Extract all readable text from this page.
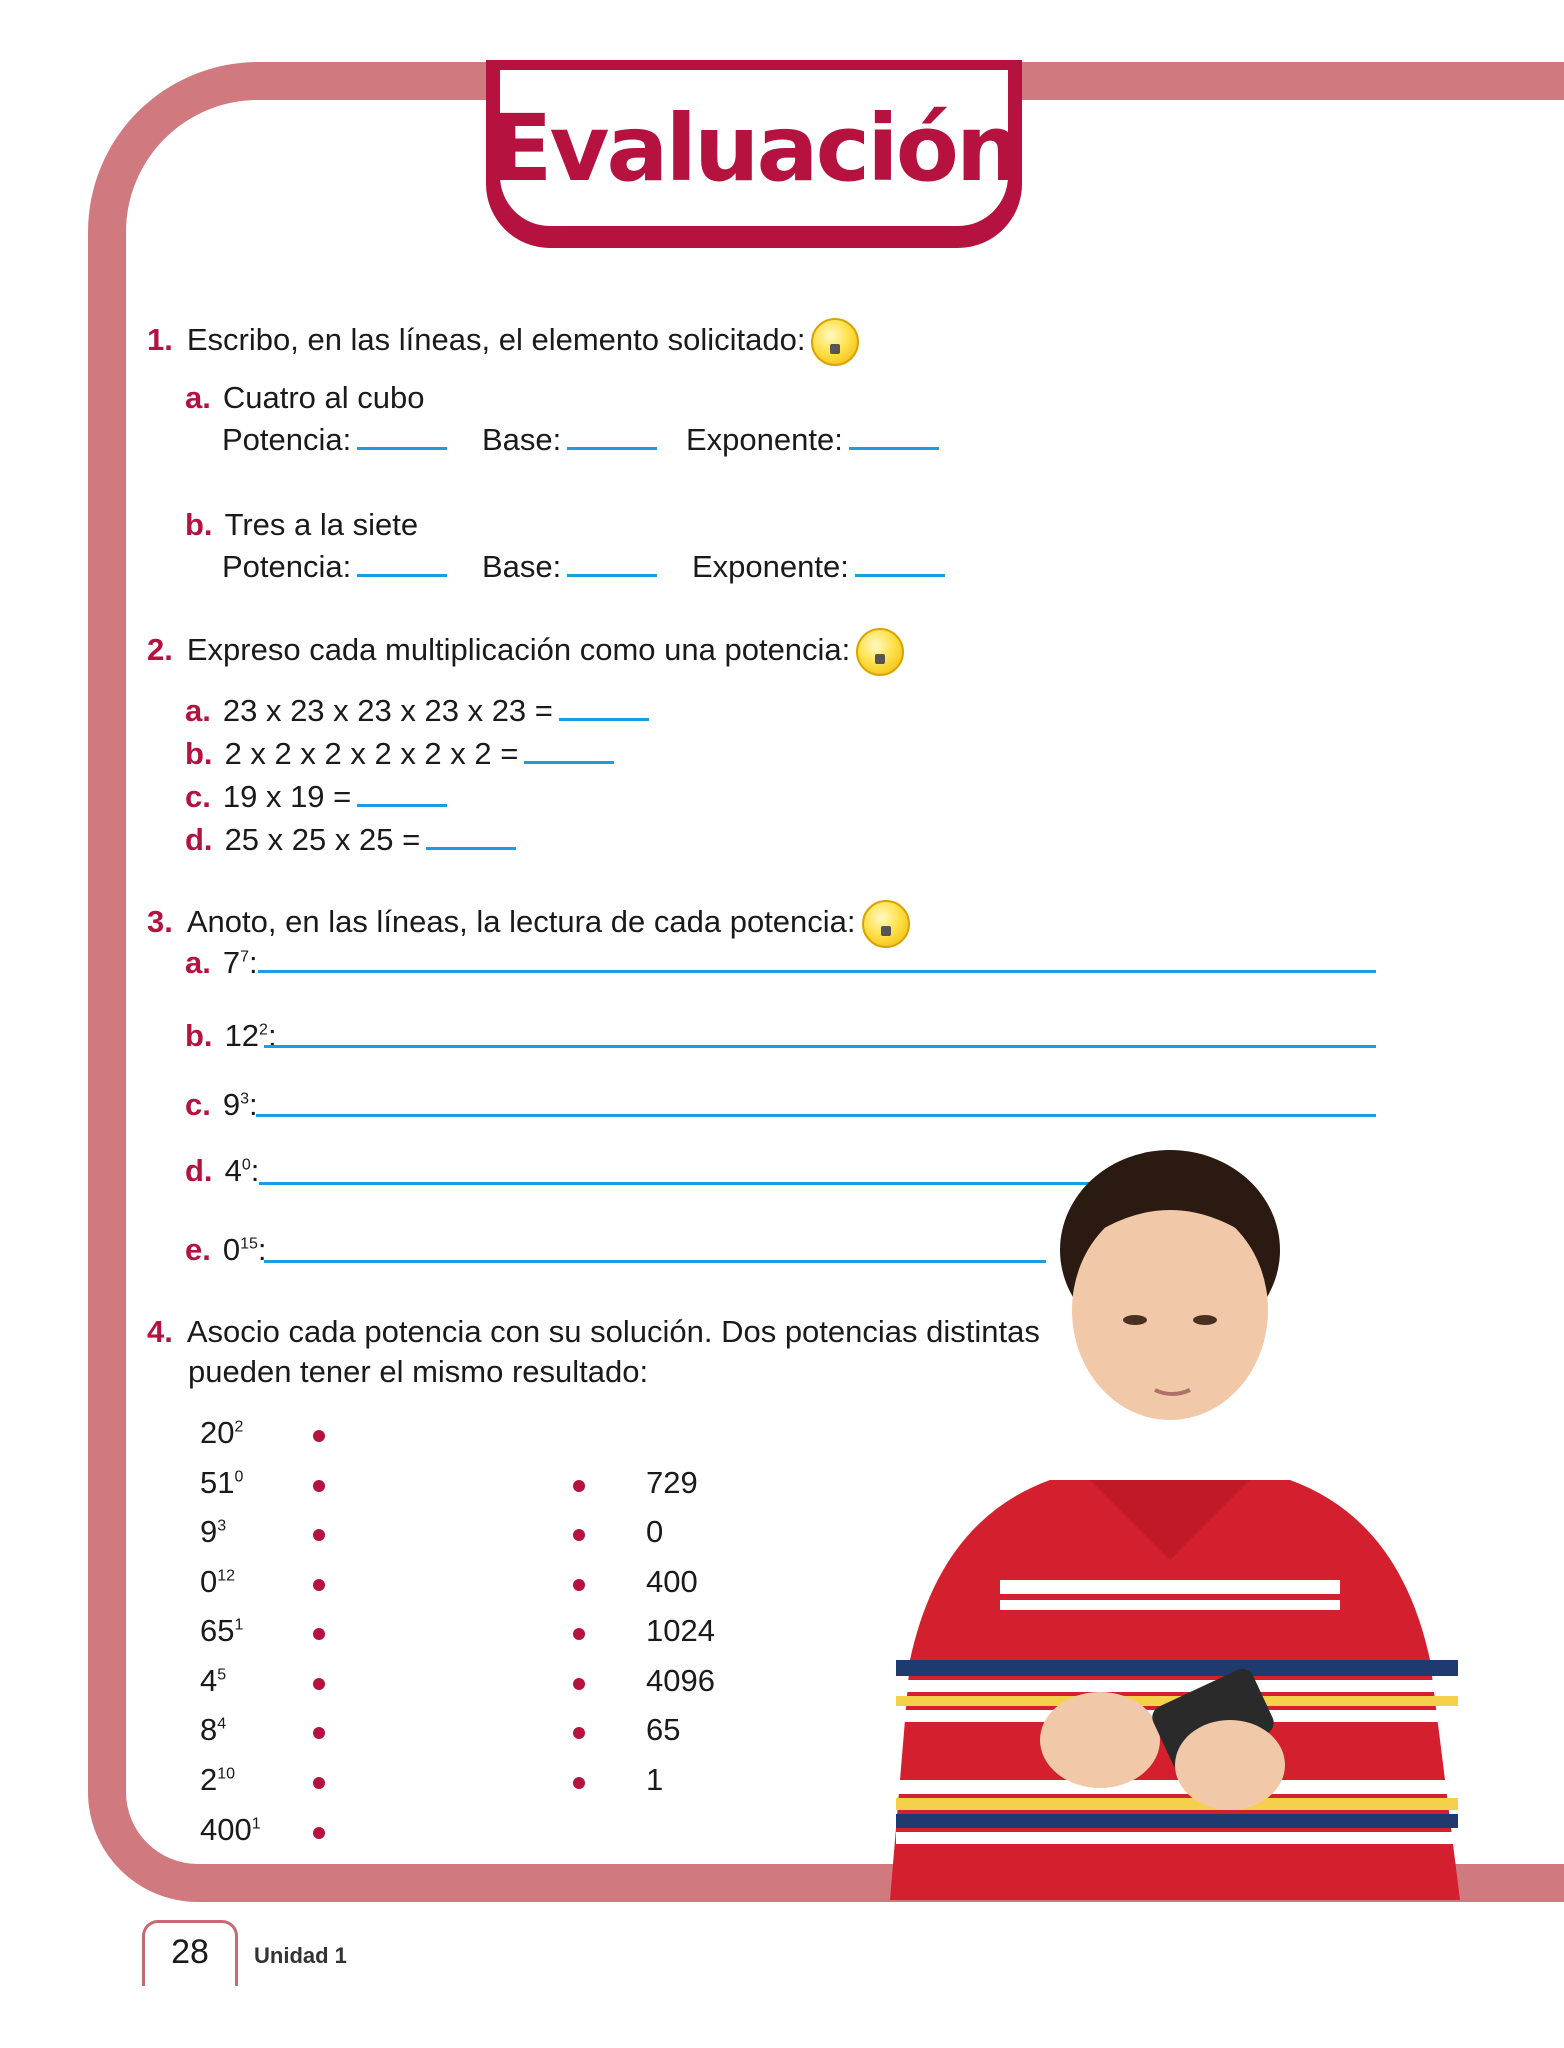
Evaluación
1. Escribo, en las líneas, el elemento solicitado:
a. Cuatro al cubo
Potencia:	Base:	Exponente:
b. Tres a la siete
Potencia:	Base:	Exponente:
2. Expreso cada multiplicación como una potencia:
a. 23 x 23 x 23 x 23 x 23 =
b. 2 x 2 x 2 x 2 x 2 x 2 =
c. 19 x 19 =
d. 25 x 25 x 25 =
3. Anoto, en las líneas, la lectura de cada potencia:
a. $7^7$:
b. $12^2$:
c. $9^3$:
d. $4^0$:
e. $0^{15}$:
4. Asocio cada potencia con su solución. Dos potencias distintas
pueden tener el mismo resultado:
$20^2$
$51^0$
$9^3$
$0^{12}$
$65^1$
$4^5$
$8^4$
$2^{10}$
$400^1$
729
0
400
1024
4096
65
1
28	Unidad 1
